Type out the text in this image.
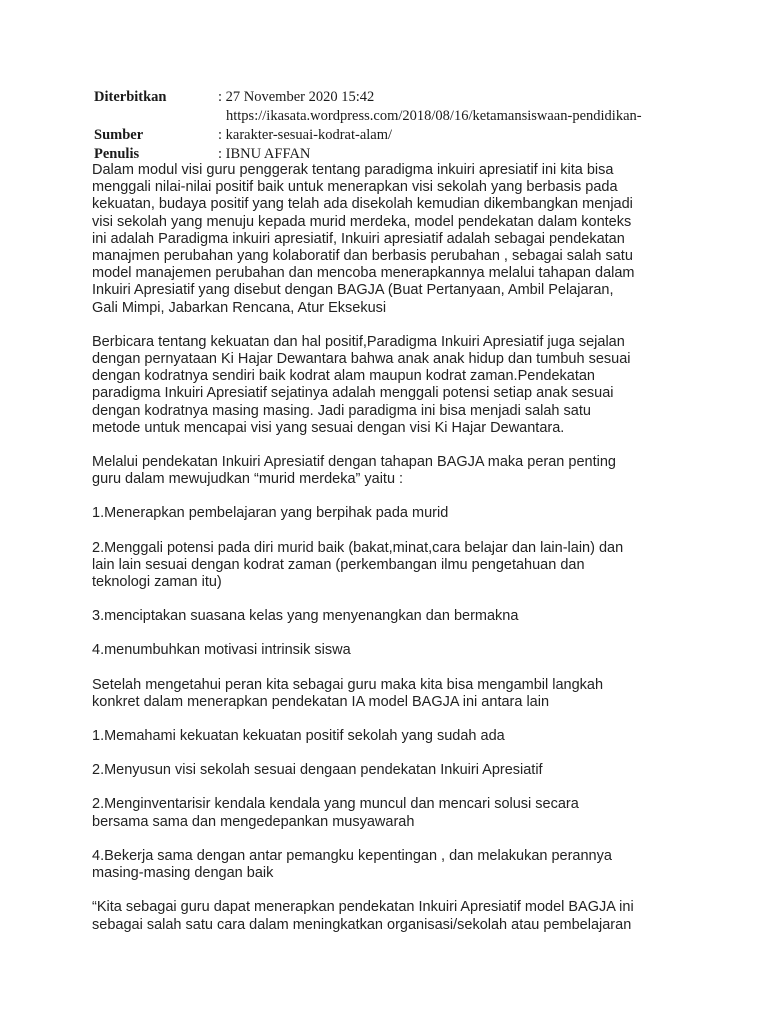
Diterbitkan	: 27 November 2020 15:42
Sumber
https://ikasata.wordpress.com/2018/08/16/ketamansiswaan-pendidikan-
: karakter-sesuai-kodrat-alam/
Penulis	: IBNU AFFAN

Dalam modul visi guru penggerak tentang paradigma inkuiri apresiatif ini kita bisa
menggali nilai-nilai positif baik untuk menerapkan visi sekolah yang berbasis pada
kekuatan, budaya positif yang telah ada disekolah kemudian dikembangkan menjadi
visi sekolah yang menuju kepada murid merdeka, model pendekatan dalam konteks
ini adalah Paradigma inkuiri apresiatif, Inkuiri apresiatif adalah sebagai pendekatan
manajmen perubahan yang kolaboratif dan berbasis perubahan , sebagai salah satu
model manajemen perubahan dan mencoba menerapkannya melalui tahapan dalam
Inkuiri Apresiatif yang disebut dengan BAGJA (Buat Pertanyaan, Ambil Pelajaran,
Gali Mimpi, Jabarkan Rencana, Atur Eksekusi

Berbicara tentang kekuatan dan hal positif,Paradigma Inkuiri Apresiatif juga sejalan
dengan pernyataan Ki Hajar Dewantara bahwa anak anak hidup dan tumbuh sesuai
dengan kodratnya sendiri baik kodrat alam maupun kodrat zaman.Pendekatan
paradigma Inkuiri Apresiatif sejatinya adalah menggali potensi setiap anak sesuai
dengan kodratnya masing masing. Jadi paradigma ini bisa menjadi salah satu
metode untuk mencapai visi yang sesuai dengan visi Ki Hajar Dewantara.

Melalui pendekatan Inkuiri Apresiatif dengan tahapan BAGJA maka peran penting
guru dalam mewujudkan “murid merdeka” yaitu :

1.Menerapkan pembelajaran yang berpihak pada murid

2.Menggali potensi pada diri murid baik (bakat,minat,cara belajar dan lain-lain) dan
lain lain sesuai dengan kodrat zaman (perkembangan ilmu pengetahuan dan
teknologi zaman itu)

3.menciptakan suasana kelas yang menyenangkan dan bermakna

4.menumbuhkan motivasi intrinsik siswa

Setelah mengetahui peran kita sebagai guru maka kita bisa mengambil langkah
konkret dalam menerapkan pendekatan IA model BAGJA ini antara lain

1.Memahami kekuatan kekuatan positif sekolah yang sudah ada

2.Menyusun visi sekolah sesuai dengaan pendekatan Inkuiri Apresiatif

2.Menginventarisir kendala kendala yang muncul dan mencari solusi secara
bersama sama dan mengedepankan musyawarah

4.Bekerja sama dengan antar pemangku kepentingan , dan melakukan perannya
masing-masing dengan baik

“Kita sebagai guru dapat menerapkan pendekatan Inkuiri Apresiatif model BAGJA ini
sebagai salah satu cara dalam meningkatkan organisasi/sekolah atau pembelajaran
